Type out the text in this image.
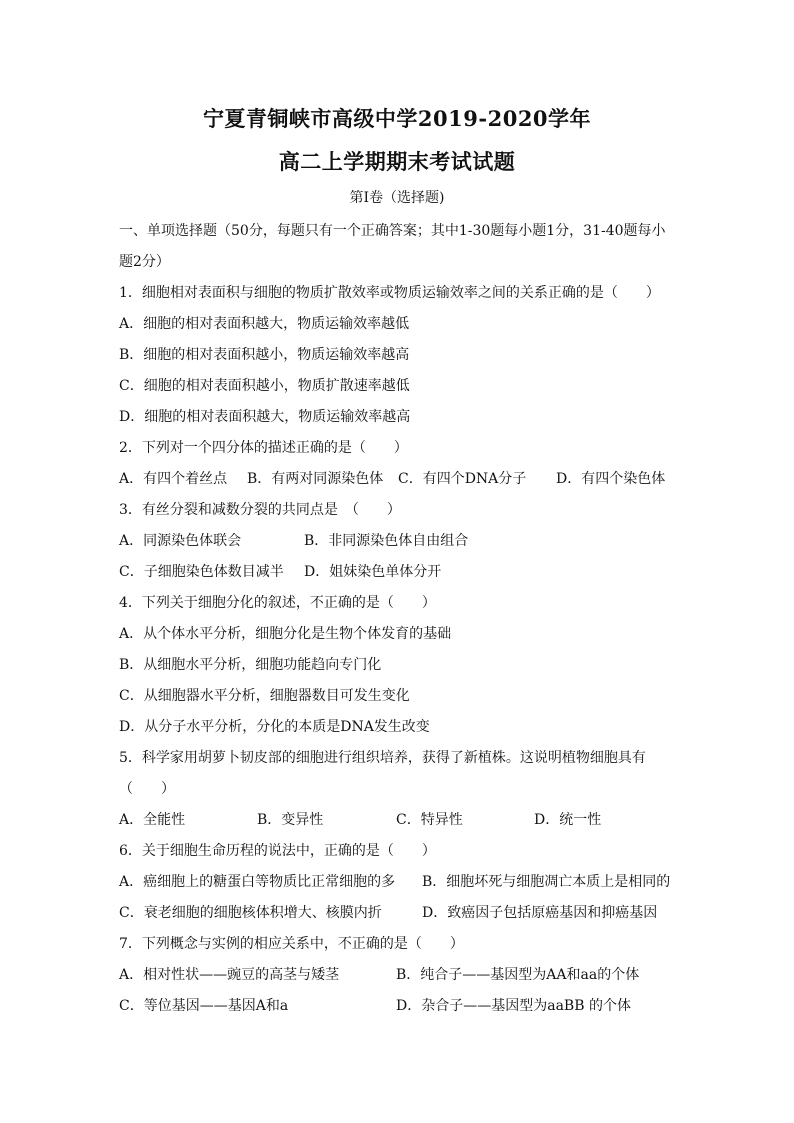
宁夏青铜峡市高级中学2019-2020学年
高二上学期期末考试试题
第Ⅰ卷（选择题)
一、单项选择题（50分，每题只有一个正确答案；其中1-30题每小题1分，31-40题每小
题2分）
1．细胞相对表面积与细胞的物质扩散效率或物质运输效率之间的关系正确的是（　　）
A．细胞的相对表面积越大，物质运输效率越低
B．细胞的相对表面积越小，物质运输效率越高
C．细胞的相对表面积越小，物质扩散速率越低
D．细胞的相对表面积越大，物质运输效率越高
2．下列对一个四分体的描述正确的是（　　）
A．有四个着丝点 B．有两对同源染色体 C．有四个DNA分子 D．有四个染色体
3．有丝分裂和减数分裂的共同点是　（　　）
A．同源染色体联会	B．非同源染色体自由组合
C．子细胞染色体数目减半 D．姐妹染色单体分开
4．下列关于细胞分化的叙述，不正确的是（　　）
A．从个体水平分析，细胞分化是生物个体发育的基础
B．从细胞水平分析，细胞功能趋向专门化
C．从细胞器水平分析，细胞器数目可发生变化
D．从分子水平分析，分化的本质是DNA发生改变
5．科学家用胡萝卜韧皮部的细胞进行组织培养，获得了新植株。这说明植物细胞具有
（　　）
A．全能性	B．变异性	C．特异性	D．统一性
6．关于细胞生命历程的说法中，正确的是（　　）
A．癌细胞上的糖蛋白等物质比正常细胞的多 B．细胞坏死与细胞凋亡本质上是相同的
C．衰老细胞的细胞核体积增大、核膜内折	D．致癌因子包括原癌基因和抑癌基因
7．下列概念与实例的相应关系中，不正确的是（　　）
A．相对性状——豌豆的高茎与矮茎	B．纯合子——基因型为AA和aa的个体
C．等位基因——基因A和a	D．杂合子——基因型为aaBB 的个体
